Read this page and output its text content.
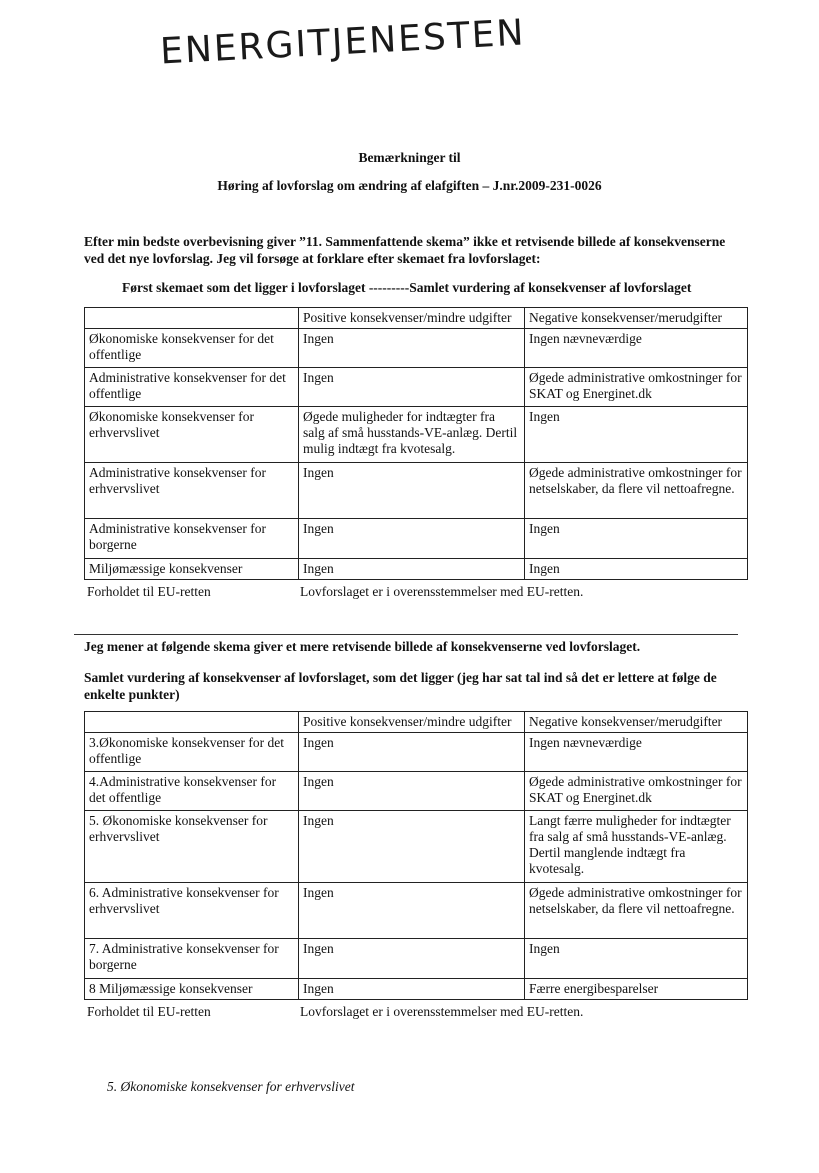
ENERGITJENESTEN
Bemærkninger til
Høring af lovforslag om ændring af elafgiften – J.nr.2009-231-0026
Efter min bedste overbevisning giver ”11. Sammenfattende skema” ikke et retvisende billede af konsekvenserne ved det nye lovforslag. Jeg vil forsøge at forklare efter skemaet fra lovforslaget:
Først skemaet som det ligger i lovforslaget ---------Samlet vurdering af konsekvenser af lovforslaget
	Positive konsekvenser/mindre udgifter	Negative konsekvenser/merudgifter
Økonomiske konsekvenser for det offentlige	Ingen	Ingen nævneværdige
Administrative konsekvenser for det offentlige	Ingen	Øgede administrative omkostninger for SKAT og Energinet.dk
Økonomiske konsekvenser for erhvervslivet	Øgede muligheder for indtægter fra salg af små husstands-VE-anlæg. Dertil mulig indtægt fra kvotesalg.	Ingen
Administrative konsekvenser for erhvervslivet	Ingen	Øgede administrative omkostninger for netselskaber, da flere vil nettoafregne.
Administrative konsekvenser for borgerne	Ingen	Ingen
Miljømæssige konsekvenser	Ingen	Ingen
Forholdet til EU-retten	Lovforslaget er i overensstemmelser med EU-retten.
Jeg mener at følgende skema giver et mere retvisende billede af konsekvenserne ved lovforslaget.
Samlet vurdering af konsekvenser af lovforslaget, som det ligger (jeg har sat tal ind så det er lettere at følge de enkelte punkter)
	Positive konsekvenser/mindre udgifter	Negative konsekvenser/merudgifter
3.Økonomiske konsekvenser for det offentlige	Ingen	Ingen nævneværdige
4.Administrative konsekvenser for det offentlige	Ingen	Øgede administrative omkostninger for SKAT og Energinet.dk
5. Økonomiske konsekvenser for erhvervslivet	Ingen	Langt færre muligheder for indtægter fra salg af små husstands-VE-anlæg. Dertil manglende indtægt fra kvotesalg.
6. Administrative konsekvenser for erhvervslivet	Ingen	Øgede administrative omkostninger for netselskaber, da flere vil nettoafregne.
7. Administrative konsekvenser for borgerne	Ingen	Ingen
8 Miljømæssige konsekvenser	Ingen	Færre energibesparelser
Forholdet til EU-retten	Lovforslaget er i overensstemmelser med EU-retten.
5. Økonomiske konsekvenser for erhvervslivet
